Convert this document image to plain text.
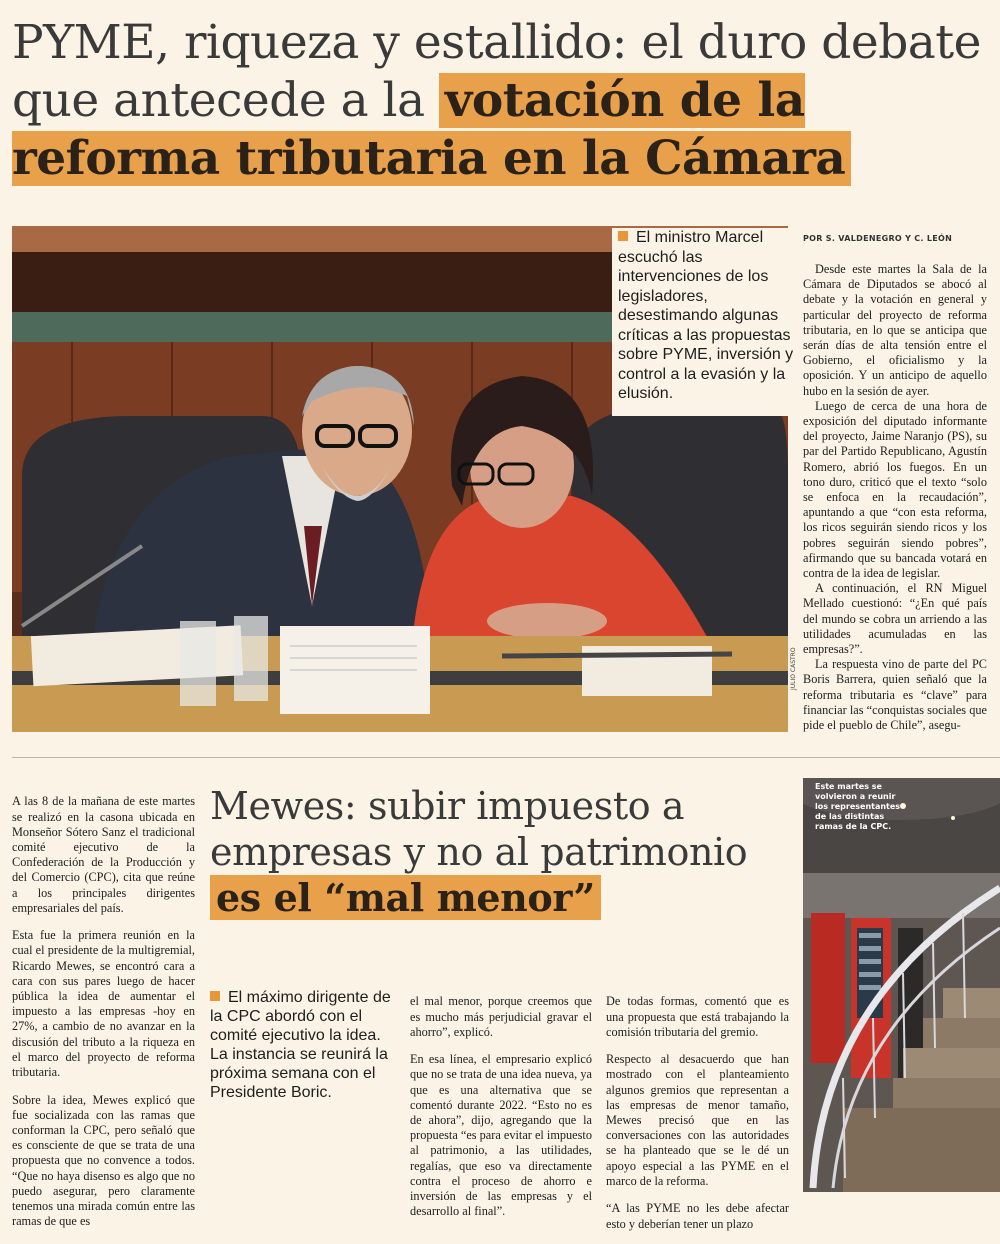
PYME, riqueza y estallido: el duro debate que antecede a la votación de la reforma tributaria en la Cámara
JULIO CASTRO
El ministro Marcel escuchó las intervenciones de los legisladores, desestimando algunas críticas a las propuestas sobre PYME, inversión y control a la evasión y la elusión.
POR S. VALDENEGRO Y C. LEÓN

Desde este martes la Sala de la Cámara de Diputados se abocó al debate y la votación en general y particular del proyecto de reforma tributaria, en lo que se anticipa que serán días de alta tensión entre el Gobierno, el oficialismo y la oposición. Y un anticipo de aquello hubo en la sesión de ayer.

Luego de cerca de una hora de exposición del diputado informante del proyecto, Jaime Naranjo (PS), su par del Partido Republicano, Agustín Romero, abrió los fuegos. En un tono duro, criticó que el texto “solo se enfoca en la recaudación”, apuntando a que “con esta reforma, los ricos seguirán siendo ricos y los pobres seguirán siendo pobres”, afirmando que su bancada votará en contra de la idea de legislar.

A continuación, el RN Miguel Mellado cuestionó: “¿En qué país del mundo se cobra un arriendo a las utilidades acumuladas en las empresas?”.

La respuesta vino de parte del PC Boris Barrera, quien señaló que la reforma tributaria es “clave” para financiar las “conquistas sociales que pide el pueblo de Chile”, asegu-

A las 8 de la mañana de este martes se realizó en la casona ubicada en Monseñor Sótero Sanz el tradicional comité ejecutivo de la Confederación de la Producción y del Comercio (CPC), cita que reúne a los principales dirigentes empresariales del país.

Esta fue la primera reunión en la cual el presidente de la multigremial, Ricardo Mewes, se encontró cara a cara con sus pares luego de hacer pública la idea de aumentar el impuesto a las empresas -hoy en 27%, a cambio de no avanzar en la discusión del tributo a la riqueza en el marco del proyecto de reforma tributaria.

Sobre la idea, Mewes explicó que fue socializada con las ramas que conforman la CPC, pero señaló que es consciente de que se trata de una propuesta que no convence a todos. “Que no haya disenso es algo que no puedo asegurar, pero claramente tenemos una mirada común entre las ramas de que es

Mewes: subir impuesto a empresas y no al patrimonio es el “mal menor”
El máximo dirigente de la CPC abordó con el comité ejecutivo la idea. La instancia se reunirá la próxima semana con el Presidente Boric.

el mal menor, porque creemos que es mucho más perjudicial gravar el ahorro”, explicó.

En esa línea, el empresario explicó que no se trata de una idea nueva, ya que es una alternativa que se comentó durante 2022. “Esto no es de ahora”, dijo, agregando que la propuesta “es para evitar el impuesto al patrimonio, a las utilidades, regalías, que eso va directamente contra el proceso de ahorro e inversión de las empresas y el desarrollo al final”.

De todas formas, comentó que es una propuesta que está trabajando la comisión tributaria del gremio.

Respecto al desacuerdo que han mostrado con el planteamiento algunos gremios que representan a las empresas de menor tamaño, Mewes precisó que en las conversaciones con las autoridades se ha planteado que se le dé un apoyo especial a las PYME en el marco de la reforma.

“A las PYME no les debe afectar esto y deberían tener un plazo

Este martes se volvieron a reunir los representantes de las distintas ramas de la CPC.
